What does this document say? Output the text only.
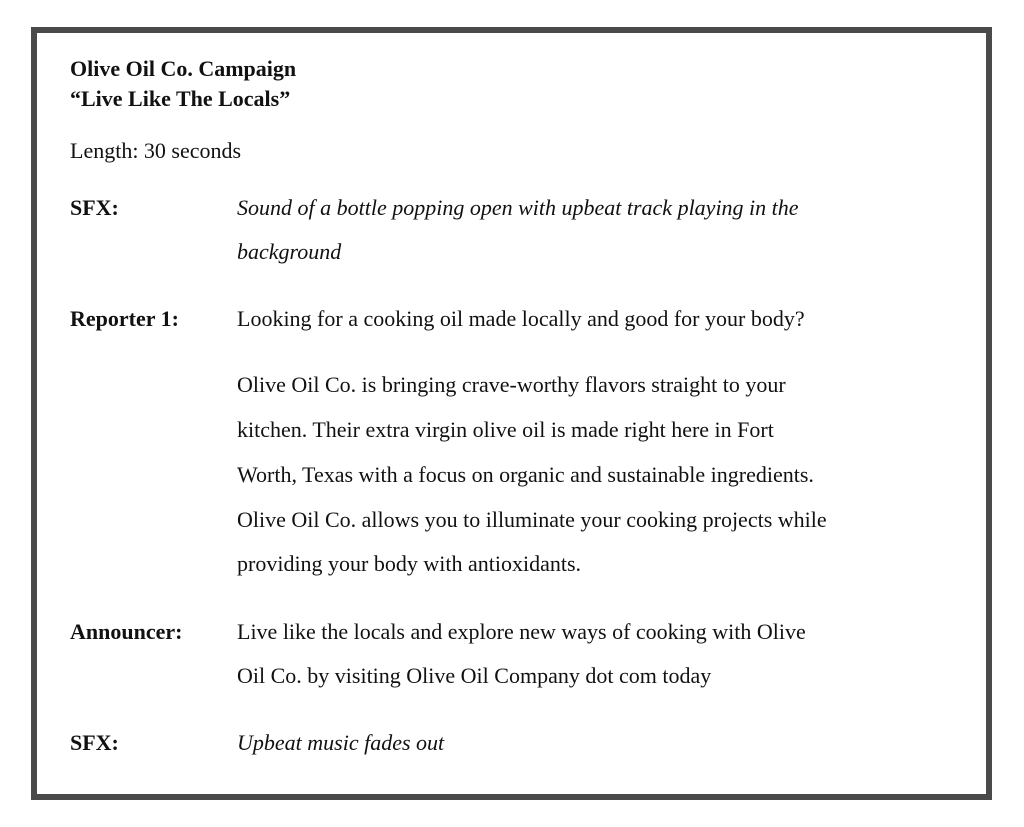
Olive Oil Co. Campaign
“Live Like The Locals”
Length: 30 seconds
SFX:	Sound of a bottle popping open with upbeat track playing in the
background
Reporter 1:	Looking for a cooking oil made locally and good for your body?
Olive Oil Co. is bringing crave-worthy flavors straight to your
kitchen. Their extra virgin olive oil is made right here in Fort
Worth, Texas with a focus on organic and sustainable ingredients.
Olive Oil Co. allows you to illuminate your cooking projects while
providing your body with antioxidants.
Announcer: Live like the locals and explore new ways of cooking with Olive
Oil Co. by visiting Olive Oil Company dot com today
SFX:	Upbeat music fades out
